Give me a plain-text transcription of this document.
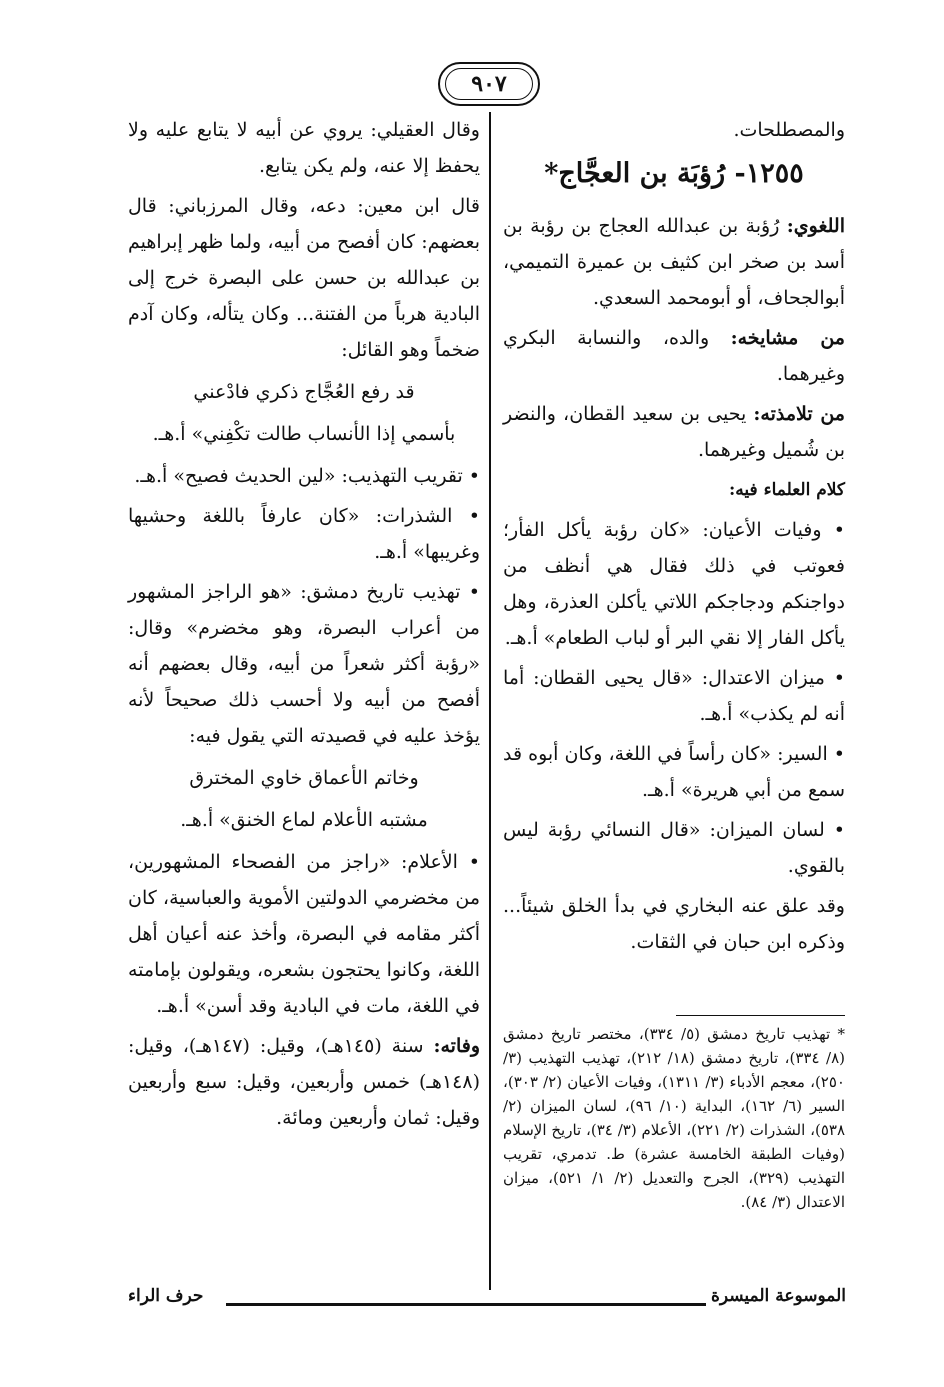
٩٠٧

والمصطلحات.

١٢٥٥- رُؤبَة بن العجَّاج*

اللغوي: رُؤبة بن عبدالله العجاج بن رؤبة بن أسد بن صخر ابن كثيف بن عميرة التميمي، أبوالجحاف، أو أبومحمد السعدي.

من مشايخه: والده، والنسابة البكري وغيرهما.

من تلامذته: يحيى بن سعيد القطان، والنضر بن شُميل وغيرهما.

كلام العلماء فيه:

• وفيات الأعيان: «كان رؤبة يأكل الفأر؛ فعوتب في ذلك فقال هي أنظف من دواجنكم ودجاجكم اللاتي يأكلن العذرة، وهل يأكل الفار إلا نقي البر أو لباب الطعام» أ.هـ.

• ميزان الاعتدال: «قال يحيى القطان: أما أنه لم يكذب» أ.هـ.

• السير: «كان رأساً في اللغة، وكان أبوه قد سمع من أبي هريرة» أ.هـ.

• لسان الميزان: «قال النسائي رؤبة ليس بالقوي.

وقد علق عنه البخاري في بدأ الخلق شيئاً... وذكره ابن حبان في الثقات.

* تهذيب تاريخ دمشق (٥/ ٣٣٤)، مختصر تاريخ دمشق (٨/ ٣٣٤)، تاريخ دمشق (١٨/ ٢١٢)، تهذيب التهذيب (٣/ ٢٥٠)، معجم الأدباء (٣/ ١٣١١)، وفيات الأعيان (٢/ ٣٠٣)، السير (٦/ ١٦٢)، البداية (١٠/ ٩٦)، لسان الميزان (٢/ ٥٣٨)، الشذرات (٢/ ٢٢١)، الأعلام (٣/ ٣٤)، تاريخ الإسلام (وفيات الطبقة الخامسة عشرة) ط. تدمري، تقريب التهذيب (٣٢٩)، الجرح والتعديل (٢/ ١/ ٥٢١)، ميزان الاعتدال (٣/ ٨٤).

وقال العقيلي: يروي عن أبيه لا يتابع عليه ولا يحفظ إلا عنه، ولم يكن يتابع.

قال ابن معين: دعه، وقال المرزباني: قال بعضهم: كان أفصح من أبيه، ولما ظهر إبراهيم بن عبدالله بن حسن على البصرة خرج إلى البادية هرباً من الفتنة... وكان يتأله، وكان آدم ضخماً وهو القائل:

قد رفع العُجَّاج ذكري فادْعني

بأسمي إذا الأنساب طالت تكْفِني» أ.هـ.

• تقريب التهذيب: «لين الحديث فصيح» أ.هـ.

• الشذرات: «كان عارفاً باللغة وحشيها وغريبها» أ.هـ.

• تهذيب تاريخ دمشق: «هو الراجز المشهور من أعراب البصرة، وهو مخضرم» وقال: «رؤبة أكثر شعراً من أبيه، وقال بعضهم أنه أفصح من أبيه ولا أحسب ذلك صحيحاً لأنه يؤخذ عليه في قصيدته التي يقول فيه:

وخاتم الأعماق خاوي المخترق

مشتبه الأعلام لماع الخنق» أ.هـ.

• الأعلام: «راجز من الفصحاء المشهورين، من مخضرمي الدولتين الأموية والعباسية، كان أكثر مقامه في البصرة، وأخذ عنه أعيان أهل اللغة، وكانوا يحتجون بشعره، ويقولون بإمامته في اللغة، مات في البادية وقد أسن» أ.هـ.

وفاته: سنة (١٤٥هـ)، وقيل: (١٤٧هـ)، وقيل: (١٤٨هـ) خمس وأربعين، وقيل: سبع وأربعين وقيل: ثمان وأربعين ومائة.

الموسوعة الميسرة
حرف الراء
